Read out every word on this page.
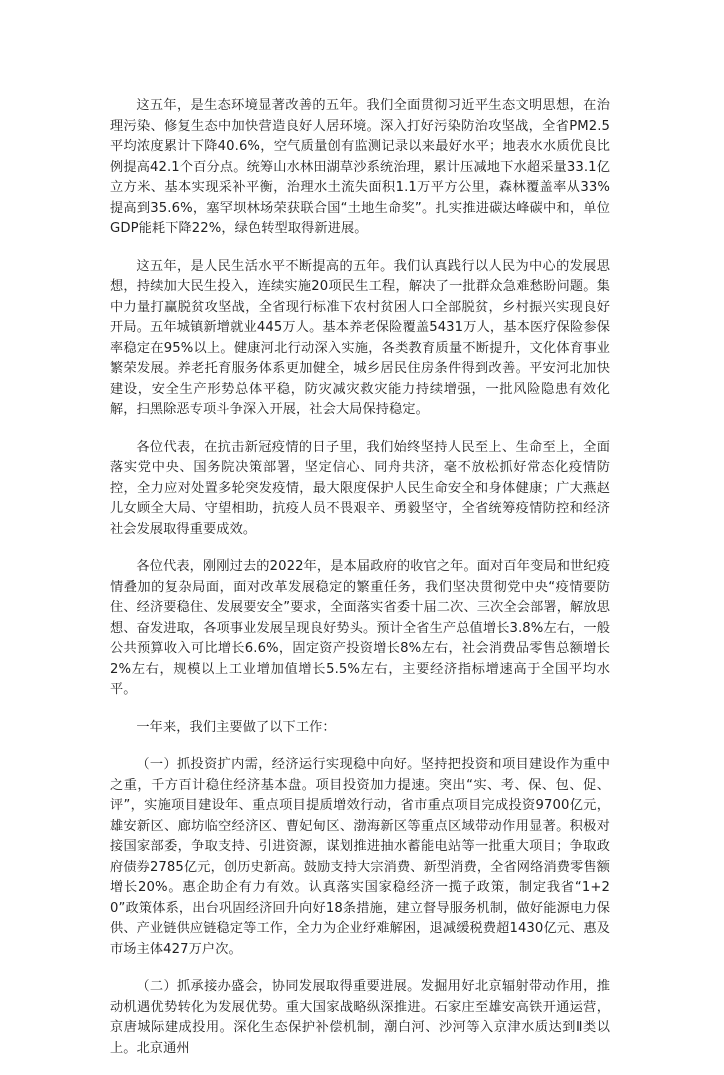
这五年，是生态环境显著改善的五年。我们全面贯彻习近平生态文明思想，在治理污染、修复生态中加快营造良好人居环境。深入打好污染防治攻坚战，全省PM2.5平均浓度累计下降40.6%，空气质量创有监测记录以来最好水平；地表水水质优良比例提高42.1个百分点。统筹山水林田湖草沙系统治理，累计压减地下水超采量33.1亿立方米、基本实现采补平衡，治理水土流失面积1.1万平方公里，森林覆盖率从33%提高到35.6%，塞罕坝林场荣获联合国“土地生命奖”。扎实推进碳达峰碳中和，单位GDP能耗下降22%，绿色转型取得新进展。

这五年，是人民生活水平不断提高的五年。我们认真践行以人民为中心的发展思想，持续加大民生投入，连续实施20项民生工程，解决了一批群众急难愁盼问题。集中力量打赢脱贫攻坚战，全省现行标准下农村贫困人口全部脱贫，乡村振兴实现良好开局。五年城镇新增就业445万人。基本养老保险覆盖5431万人，基本医疗保险参保率稳定在95%以上。健康河北行动深入实施，各类教育质量不断提升，文化体育事业繁荣发展。养老托育服务体系更加健全，城乡居民住房条件得到改善。平安河北加快建设，安全生产形势总体平稳，防灾减灾救灾能力持续增强，一批风险隐患有效化解，扫黑除恶专项斗争深入开展，社会大局保持稳定。

各位代表，在抗击新冠疫情的日子里，我们始终坚持人民至上、生命至上，全面落实党中央、国务院决策部署，坚定信心、同舟共济，毫不放松抓好常态化疫情防控，全力应对处置多轮突发疫情，最大限度保护人民生命安全和身体健康；广大燕赵儿女顾全大局、守望相助，抗疫人员不畏艰辛、勇毅坚守，全省统筹疫情防控和经济社会发展取得重要成效。

各位代表，刚刚过去的2022年，是本届政府的收官之年。面对百年变局和世纪疫情叠加的复杂局面，面对改革发展稳定的繁重任务，我们坚决贯彻党中央“疫情要防住、经济要稳住、发展要安全”要求，全面落实省委十届二次、三次全会部署，解放思想、奋发进取，各项事业发展呈现良好势头。预计全省生产总值增长3.8%左右，一般公共预算收入可比增长6.6%，固定资产投资增长8%左右，社会消费品零售总额增长2%左右，规模以上工业增加值增长5.5%左右，主要经济指标增速高于全国平均水平。

一年来，我们主要做了以下工作：

（一）抓投资扩内需，经济运行实现稳中向好。坚持把投资和项目建设作为重中之重，千方百计稳住经济基本盘。项目投资加力提速。突出“实、考、保、包、促、评”，实施项目建设年、重点项目提质增效行动，省市重点项目完成投资9700亿元，雄安新区、廊坊临空经济区、曹妃甸区、渤海新区等重点区域带动作用显著。积极对接国家部委，争取支持、引进资源，谋划推进抽水蓄能电站等一批重大项目；争取政府债券2785亿元，创历史新高。鼓励支持大宗消费、新型消费，全省网络消费零售额增长20%。惠企助企有力有效。认真落实国家稳经济一揽子政策，制定我省“1+20”政策体系，出台巩固经济回升向好18条措施，建立督导服务机制，做好能源电力保供、产业链供应链稳定等工作，全力为企业纾难解困，退减缓税费超1430亿元、惠及市场主体427万户次。

（二）抓承接办盛会，协同发展取得重要进展。发掘用好北京辐射带动作用，推动机遇优势转化为发展优势。重大国家战略纵深推进。石家庄至雄安高铁开通运营，京唐城际建成投用。深化生态保护补偿机制，潮白河、沙河等入京津水质达到Ⅱ类以上。北京通州
